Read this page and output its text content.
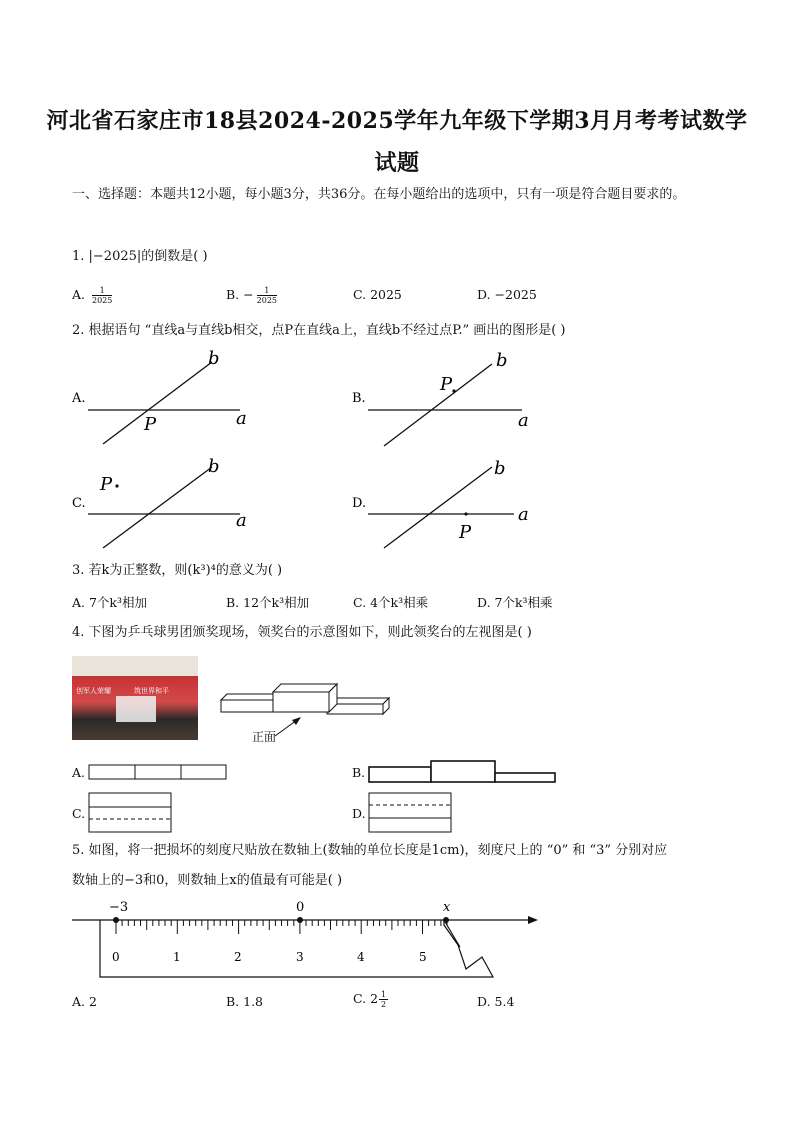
河北省石家庄市18县2024-2025学年九年级下学期3月月考考试数学
试题
一、选择题：本题共12小题，每小题3分，共36分。在每小题给出的选项中，只有一项是符合题目要求的。
1. |−2025|的倒数是( )
A. $\frac{1}{2025}$	B. − $\frac{1}{2025}$	C. 2025	D. −2025
2. 根据语句 “直线a与直线b相交，点P在直线a上，直线b不经过点P.” 画出的图形是( )
A.
b
a
P
B.
b
a
P
C.
b
a
P
D.
b
a
P
3. 若k为正整数，则(k³)⁴的意义为( )
A. 7个k³相加	B. 12个k³相加	C. 4个k³相乘	D. 7个k³相乘
4. 下图为乒乓球男团颁奖现场，领奖台的示意图如下，则此领奖台的左视图是( )
创军人荣耀	筑世界和平
正面
A.	B.
C.	D.
5. 如图，将一把损坏的刻度尺贴放在数轴上(数轴的单位长度是1cm)，刻度尺上的 “0” 和 “3” 分别对应
数轴上的−3和0，则数轴上x的值最有可能是( )
−3	0	x
0	1	2	3	4	5
A. 2	B. 1.8	C. $2 \frac{1}{2}$	D. 5.4
